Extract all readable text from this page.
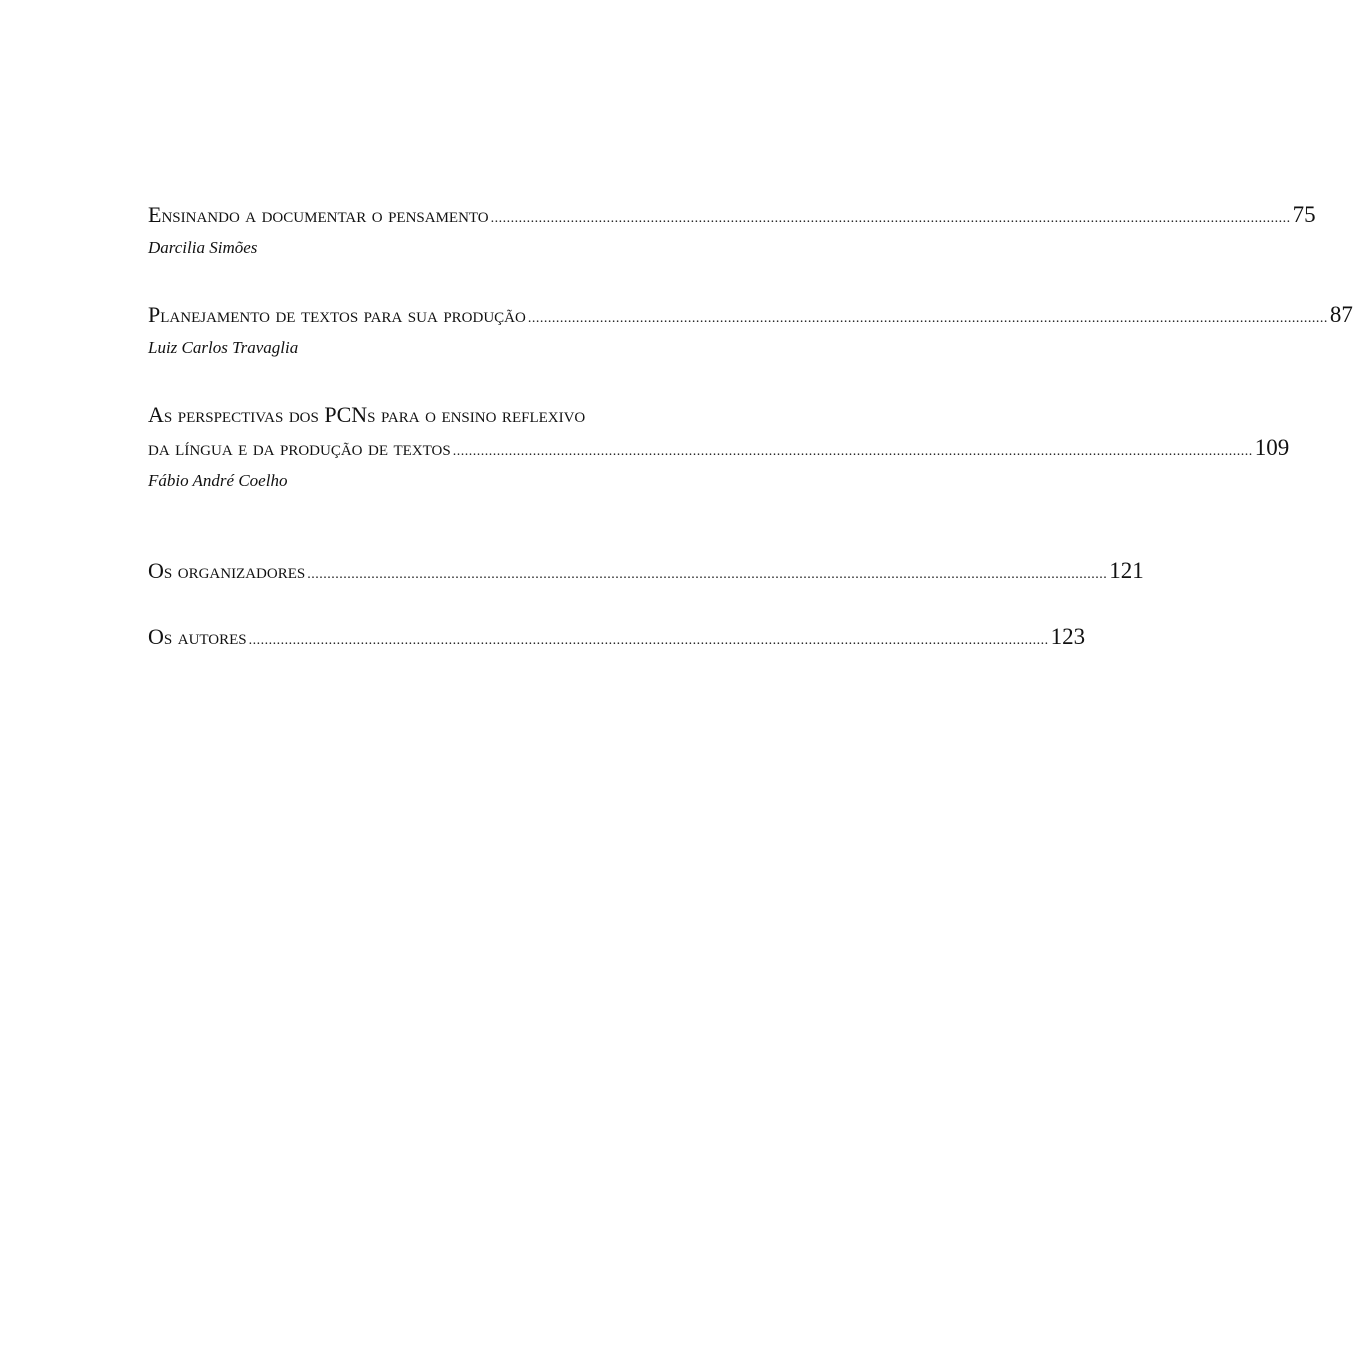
Ensinando a documentar o pensamento ........................................................................................................................................................................................................ 75
Darcilia Simões
Planejamento de textos para sua produção ........................................................................................................................................................................................................ 87
Luiz Carlos Travaglia
As perspectivas dos PCNs para o ensino reflexivo
da língua e da produção de textos ........................................................................................................................................................................................................ 109
Fábio André Coelho
Os organizadores ........................................................................................................................................................................................................ 121
Os autores ........................................................................................................................................................................................................ 123
